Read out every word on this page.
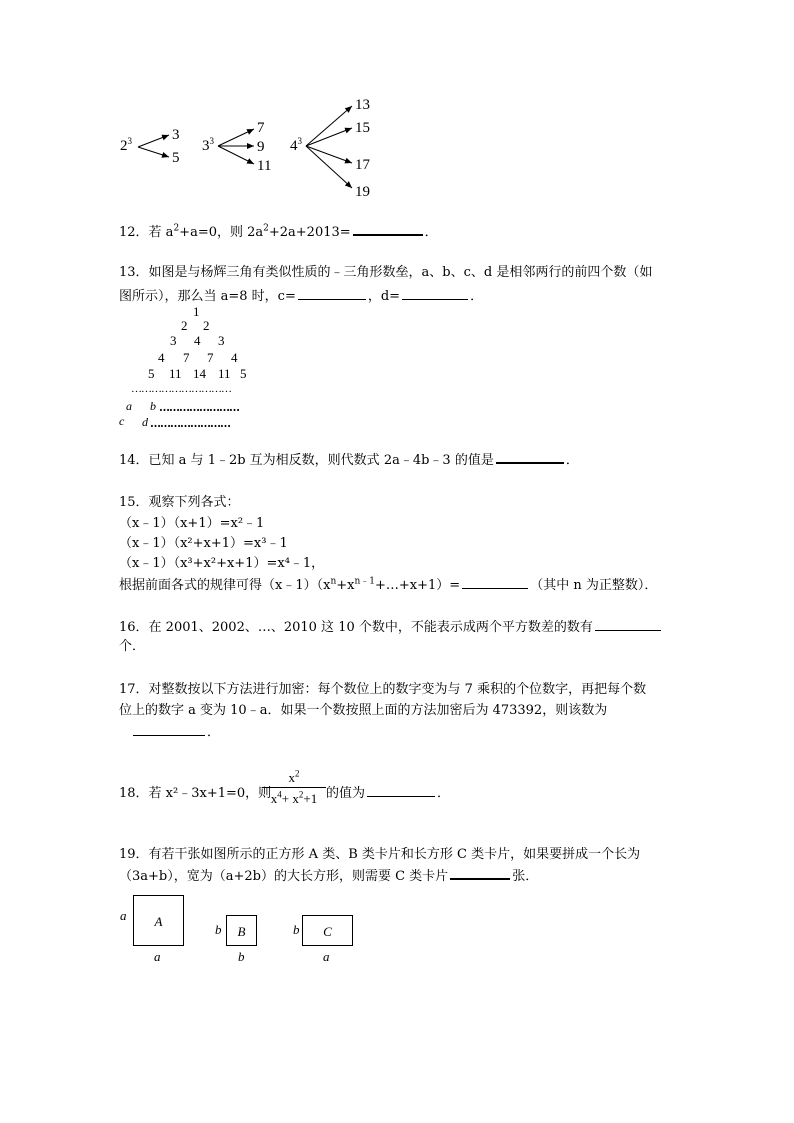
$2^3$	3
5
$3^3$
7
9
11
$4^3$
13
15
17
19
12．若 $a^2+a=0$，则 $2a^2+2a+2013=$	．
13．如图是与杨辉三角有类似性质的﹣三角形数垒，a、b、c、d 是相邻两行的前四个数（如
图所示），那么当 a=8 时，c=	，d=	．
1
2 2
3 4 3
4 7 7 4
5 11 14 11 5
…………………………
a b ……………………
c d ……………………
14．已知 a 与 1﹣2b 互为相反数，则代数式 2a﹣4b﹣3 的值是	．
15．观察下列各式：
（x﹣1）（x+1）=x²﹣1
（x﹣1）（x²+x+1）=x³﹣1
（x﹣1）（x³+x²+x+1）=x⁴﹣1，
根据前面各式的规律可得$(x﹣1)(x^n+x^{n﹣1}+\dots+x+1)=$	（其中 n 为正整数）．
16．在 2001、2002、…、2010 这 10 个数中，不能表示成两个平方数差的数有
个．
17．对整数按以下方法进行加密：每个数位上的数字变为与 7 乘积的个位数字，再把每个数
位上的数字 a 变为 10﹣a．如果一个数按照上面的方法加密后为 473392，则该数为
．
18．若 x²﹣3x+1=0，则
$x^2$
$x^4+ x^2+1$ 的值为	．
19．有若干张如图所示的正方形 A 类、B 类卡片和长方形 C 类卡片，如果要拼成一个长为
（3a+b），宽为（a+2b）的大长方形，则需要 C 类卡片	张．
a	A
a
b	B
b
b	C
a
